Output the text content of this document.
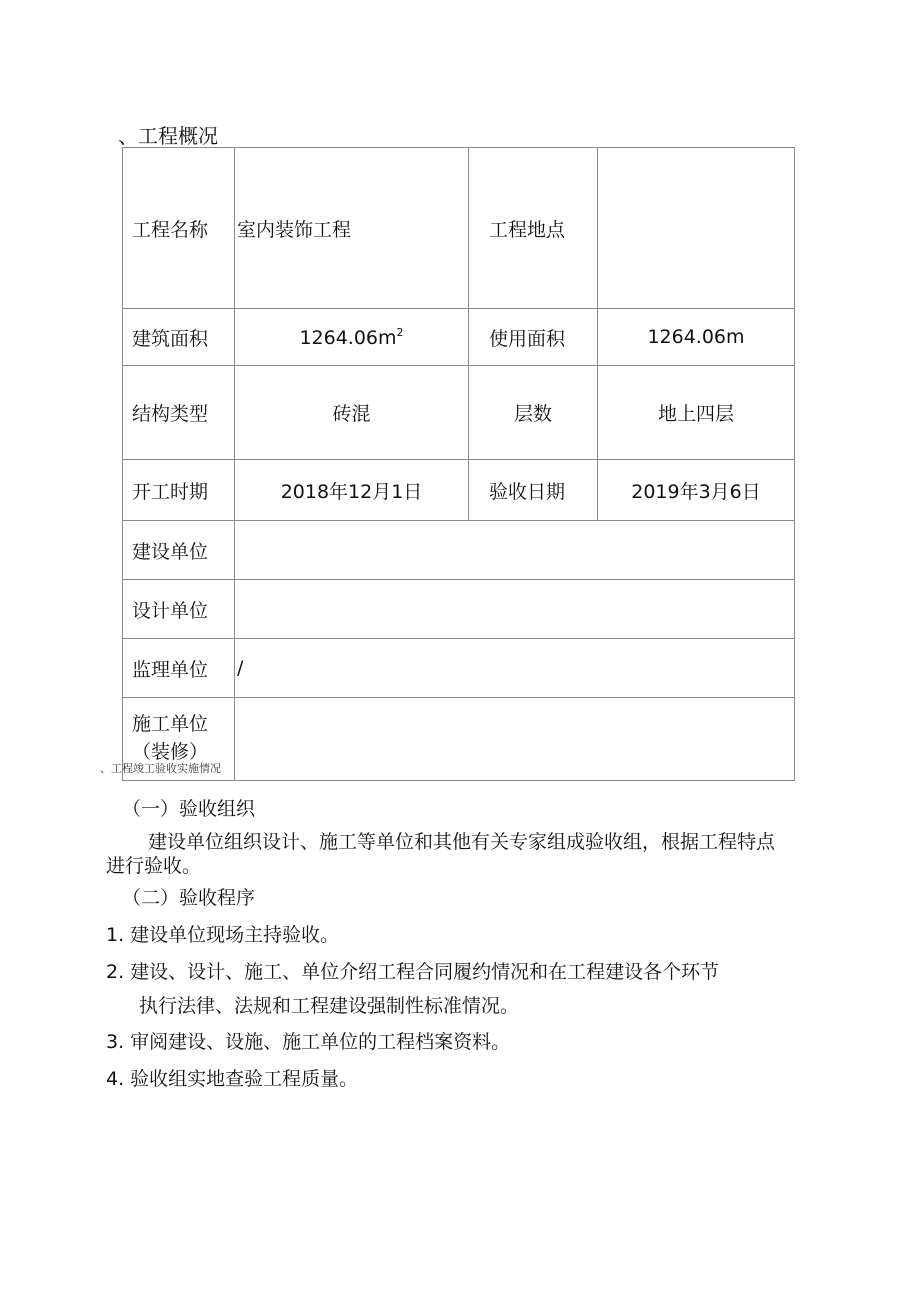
、工程概况
工程名称	室内装饰工程	工程地点	
建筑面积	$1264.06m^2$	使用面积	1264.06m
结构类型	砖混	层数	地上四层
开工时期	2018年12月1日	验收日期	2019年3月6日
建设单位			
设计单位			
监理单位	/		
施工单位
（装修）			
、工程竣工验收实施情况
（一）验收组织
建设单位组织设计、施工等单位和其他有关专家组成验收组，根据工程特点
进行验收。
（二）验收程序
1. 建设单位现场主持验收。
2. 建设、设计、施工、单位介绍工程合同履约情况和在工程建设各个环节
执行法律、法规和工程建设强制性标准情况。
3. 审阅建设、设施、施工单位的工程档案资料。
4. 验收组实地查验工程质量。
